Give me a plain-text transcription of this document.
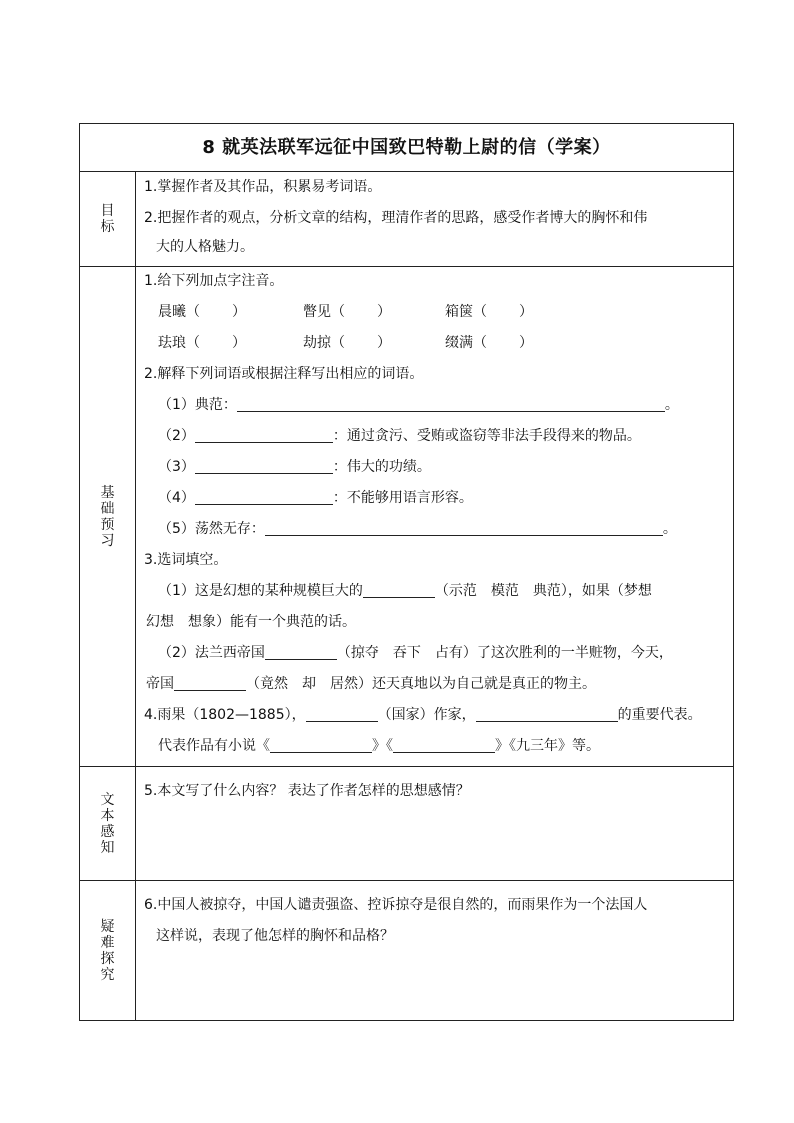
8 就英法联军远征中国致巴特勒上尉的信（学案）
目标
1.掌握作者及其作品，积累易考词语。
2.把握作者的观点，分析文章的结构，理清作者的思路，感受作者博大的胸怀和伟
大的人格魅力。
基础预习
1.给下列加点字注音。
晨曦（ ）	瞥见（ ）	箱箧（ ）
珐琅（ ）	劫掠（ ）	缀满（ ）
2.解释下列词语或根据注释写出相应的词语。
（1）典范：	。
（2）	：通过贪污、受贿或盗窃等非法手段得来的物品。
（3）	：伟大的功绩。
（4）	：不能够用语言形容。
（5）荡然无存：	。
3.选词填空。
（1）这是幻想的某种规模巨大的	（示范　模范　典范），如果（梦想
幻想　想象）能有一个典范的话。
（2）法兰西帝国	（掠夺　吞下　占有）了这次胜利的一半赃物，今天，
帝国	（竟然　却　居然）还天真地以为自己就是真正的物主。
4.雨果（1802—1885），	（国家）作家，	的重要代表。
代表作品有小说《	》《	》《九三年》等。
文本感知
5.本文写了什么内容？ 表达了作者怎样的思想感情？
疑难探究
6.中国人被掠夺，中国人谴责强盗、控诉掠夺是很自然的，而雨果作为一个法国人
这样说，表现了他怎样的胸怀和品格？
